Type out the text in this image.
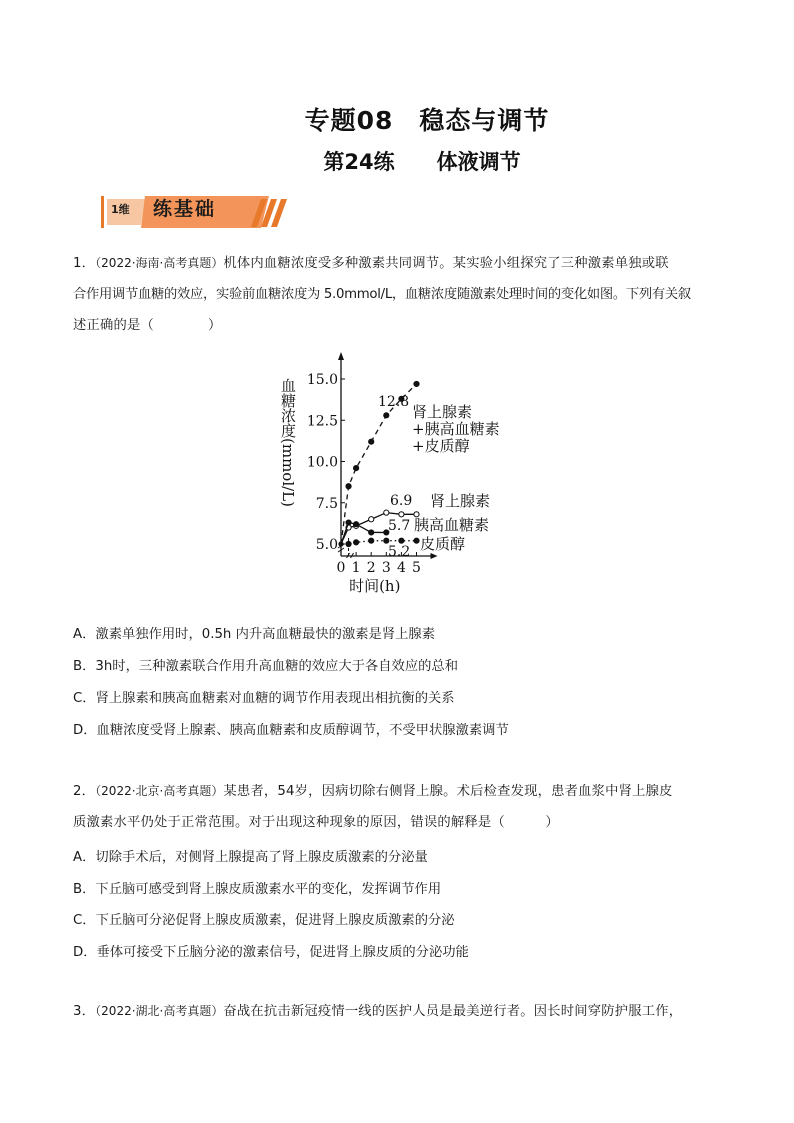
专题08　稳态与调节
第24练　　体液调节
1维 练基础
1．（2022·海南·高考真题）机体内血糖浓度受多种激素共同调节。某实验小组探究了三种激素单独或联
合作用调节血糖的效应，实验前血糖浓度为 5.0mmol/L，血糖浓度随激素处理时间的变化如图。下列有关叙
述正确的是（　　　　）
5.0
7.5
10.0
12.5
15.0
0 1 2 3 4 5
时间(h)
血糖浓度(mmol/L)	肾上腺素
+胰高血糖素
+皮质醇
肾上腺素
胰高血糖素
皮质醇
12.8
6.9
5.7
5.2
A．激素单独作用时，0.5h 内升高血糖最快的激素是肾上腺素
B．3h时，三种激素联合作用升高血糖的效应大于各自效应的总和
C．肾上腺素和胰高血糖素对血糖的调节作用表现出相抗衡的关系
D．血糖浓度受肾上腺素、胰高血糖素和皮质醇调节，不受甲状腺激素调节
2．（2022·北京·高考真题）某患者，54岁，因病切除右侧肾上腺。术后检查发现，患者血浆中肾上腺皮
质激素水平仍处于正常范围。对于出现这种现象的原因，错误的解释是（　　　）
A．切除手术后，对侧肾上腺提高了肾上腺皮质激素的分泌量
B．下丘脑可感受到肾上腺皮质激素水平的变化，发挥调节作用
C．下丘脑可分泌促肾上腺皮质激素，促进肾上腺皮质激素的分泌
D．垂体可接受下丘脑分泌的激素信号，促进肾上腺皮质的分泌功能
3．（2022·湖北·高考真题）奋战在抗击新冠疫情一线的医护人员是最美逆行者。因长时间穿防护服工作，
